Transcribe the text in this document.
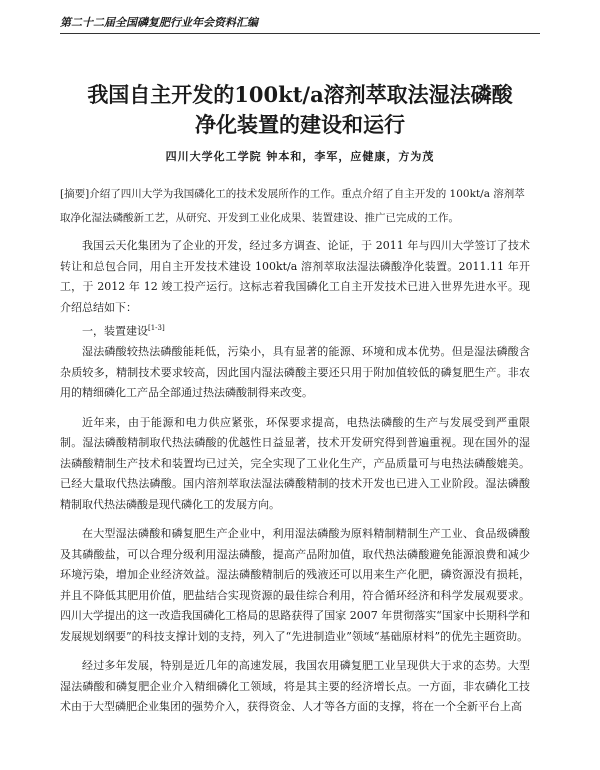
第二十二届全国磷复肥行业年会资料汇编
我国自主开发的100kt/a溶剂萃取法湿法磷酸
净化装置的建设和运行
四川大学化工学院 钟本和，李军，应健康，方为茂
[摘要]介绍了四川大学为我国磷化工的技术发展所作的工作。重点介绍了自主开发的 100kt/a 溶剂萃取净化湿法磷酸新工艺，从研究、开发到工业化成果、装置建设、推广已完成的工作。

我国云天化集团为了企业的开发，经过多方调查、论证，于 2011 年与四川大学签订了技术转让和总包合同，用自主开发技术建设 100kt/a 溶剂萃取法湿法磷酸净化装置。2011.11 年开工，于 2012 年 12 竣工投产运行。这标志着我国磷化工自主开发技术已进入世界先进水平。现介绍总结如下：

一，装置建设[1-3]

湿法磷酸较热法磷酸能耗低，污染小，具有显著的能源、环境和成本优势。但是湿法磷酸含杂质较多，精制技术要求较高，因此国内湿法磷酸主要还只用于附加值较低的磷复肥生产。非农用的精细磷化工产品全部通过热法磷酸制得来改变。

近年来，由于能源和电力供应紧张，环保要求提高，电热法磷酸的生产与发展受到严重限制。湿法磷酸精制取代热法磷酸的优越性日益显著，技术开发研究得到普遍重视。现在国外的湿法磷酸精制生产技术和装置均已过关，完全实现了工业化生产，产品质量可与电热法磷酸媲美。已经大量取代热法磷酸。国内溶剂萃取法湿法磷酸精制的技术开发也已进入工业阶段。湿法磷酸精制取代热法磷酸是现代磷化工的发展方向。

在大型湿法磷酸和磷复肥生产企业中，利用湿法磷酸为原料精制精制生产工业、食品级磷酸及其磷酸盐，可以合理分级利用湿法磷酸，提高产品附加值，取代热法磷酸避免能源浪费和减少环境污染，增加企业经济效益。湿法磷酸精制后的残液还可以用来生产化肥，磷资源没有损耗，并且不降低其肥用价值，肥盐结合实现资源的最佳综合利用，符合循环经济和科学发展观要求。四川大学提出的这一改造我国磷化工格局的思路获得了国家 2007 年贯彻落实“国家中长期科学和发展规划纲要”的科技支撑计划的支持，列入了“先进制造业”领域“基础原材料”的优先主题资助。

经过多年发展，特别是近几年的高速发展，我国农用磷复肥工业呈现供大于求的态势。大型湿法磷酸和磷复肥企业介入精细磷化工领域，将是其主要的经济增长点。一方面，非农磷化工技术由于大型磷肥企业集团的强势介入，获得资金、人才等各方面的支撑，将在一个全新平台上高
